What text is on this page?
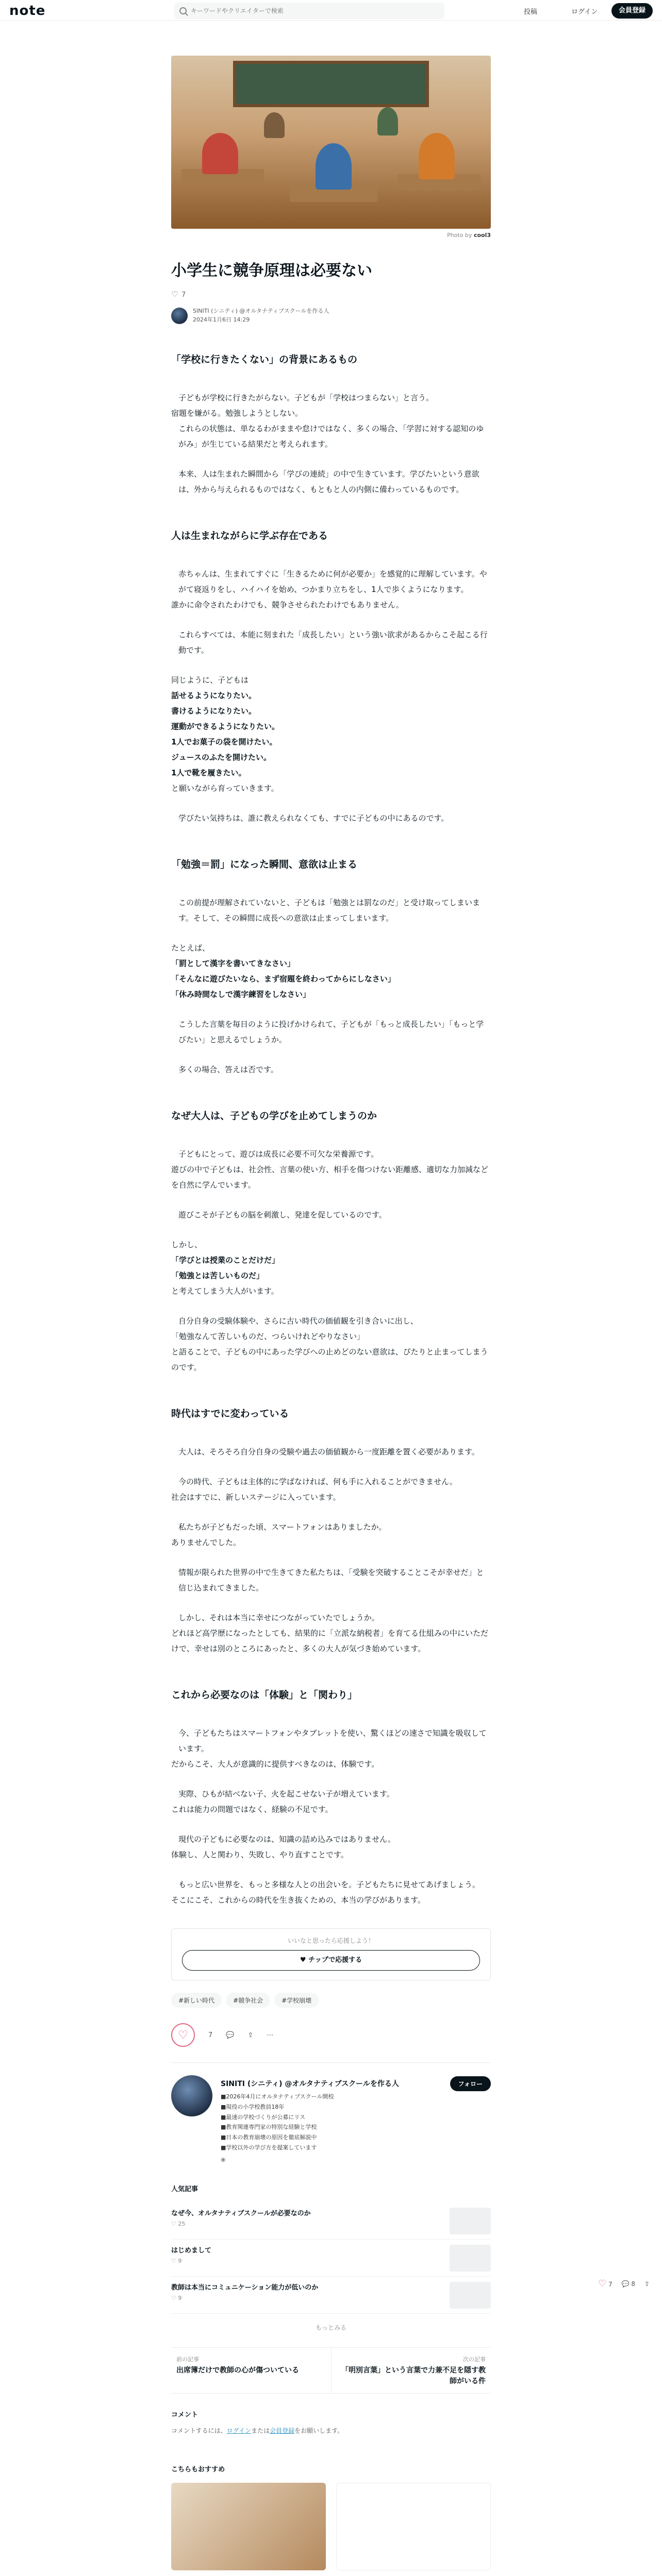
note
キーワードやクリエイターで検索	投稿	ログイン	会員登録
Photo by cool3
小学生に競争原理は必要ない
♡
7
SINITI (シニティ) @オルタナティブスクールを作る人
2024年1月6日 14:29
「学校に行きたくない」の背景にあるもの

子どもが学校に行きたがらない。子どもが「学校はつまらない」と言う。

宿題を嫌がる。勉強しようとしない。

これらの状態は、単なるわがままや怠けではなく、多くの場合、「学習に対する認知のゆがみ」が生じている結果だと考えられます。

本来、人は生まれた瞬間から「学びの連続」の中で生きています。学びたいという意欲は、外から与えられるものではなく、もともと人の内側に備わっているものです。

人は生まれながらに学ぶ存在である

赤ちゃんは、生まれてすぐに「生きるために何が必要か」を感覚的に理解しています。やがて寝返りをし、ハイハイを始め、つかまり立ちをし、1人で歩くようになります。

誰かに命令されたわけでも、競争させられたわけでもありません。

これらすべては、本能に刻まれた「成長したい」という強い欲求があるからこそ起こる行動です。

同じように、子どもは

話せるようになりたい。

書けるようになりたい。

運動ができるようになりたい。

1人でお菓子の袋を開けたい。

ジュースのふたを開けたい。

1人で靴を履きたい。

と願いながら育っていきます。

学びたい気持ちは、誰に教えられなくても、すでに子どもの中にあるのです。

「勉強＝罰」になった瞬間、意欲は止まる

この前提が理解されていないと、子どもは「勉強とは罰なのだ」と受け取ってしまいます。そして、その瞬間に成長への意欲は止まってしまいます。

たとえば、

「罰として漢字を書いてきなさい」

「そんなに遊びたいなら、まず宿題を終わってからにしなさい」

「休み時間なしで漢字練習をしなさい」

こうした言葉を毎日のように投げかけられて、子どもが「もっと成長したい」「もっと学びたい」と思えるでしょうか。

多くの場合、答えは否です。

なぜ大人は、子どもの学びを止めてしまうのか

子どもにとって、遊びは成長に必要不可欠な栄養源です。

遊びの中で子どもは、社会性、言葉の使い方、相手を傷つけない距離感、適切な力加減などを自然に学んでいます。

遊びこそが子どもの脳を刺激し、発達を促しているのです。

しかし、

「学びとは授業のことだけだ」

「勉強とは苦しいものだ」

と考えてしまう大人がいます。

自分自身の受験体験や、さらに古い時代の価値観を引き合いに出し、

「勉強なんて苦しいものだ、つらいけれどやりなさい」

と語ることで、子どもの中にあった学びへの止めどのない意欲は、ぴたりと止まってしまうのです。

時代はすでに変わっている

大人は、そろそろ自分自身の受験や過去の価値観から一度距離を置く必要があります。

今の時代、子どもは主体的に学ばなければ、何も手に入れることができません。

社会はすでに、新しいステージに入っています。

私たちが子どもだった頃、スマートフォンはありましたか。

ありませんでした。

情報が限られた世界の中で生きてきた私たちは、「受験を突破することこそが幸せだ」と信じ込まれてきました。

しかし、それは本当に幸せにつながっていたでしょうか。

どれほど高学歴になったとしても、結果的に「立派な納税者」を育てる仕組みの中にいただけで、幸せは別のところにあったと、多くの大人が気づき始めています。

これから必要なのは「体験」と「関わり」

今、子どもたちはスマートフォンやタブレットを使い、驚くほどの速さで知識を吸収しています。

だからこそ、大人が意識的に提供すべきなのは、体験です。

実際、ひもが結べない子、火を起こせない子が増えています。

これは能力の問題ではなく、経験の不足です。

現代の子どもに必要なのは、知識の詰め込みではありません。

体験し、人と関わり、失敗し、やり直すことです。

もっと広い世界を、もっと多様な人との出会いを。子どもたちに見せてあげましょう。

そこにこそ、これからの時代を生き抜くための、本当の学びがあります。

いいなと思ったら応援しよう！
♥ チップで応援する
#新しい時代	#競争社会	#学校崩壊
♡	7 💬 ⇪ ⋯
SINITI (シニティ) @オルタナティブスクールを作る人
■2026年4月にオルタナティブスクール開校
■現役の小学校教員18年
■最速の学校づくりが公募にリス
■教育関連専門家の特別な経験と学校
■日本の教育崩壊の原因を徹底解説中
■学校以外の学び方を提案しています
◉
フォロー
人気記事
なぜ今、オルタナティブスクールが必要なのか
♡ 25
はじめまして
♡ 9
教師は本当にコミュニケーション能力が低いのか
♡ 9
もっとみる
前の記事
出席簿だけで教師の心が傷ついている
次の記事
「明別言葉」という言葉で力兼不足を隠す教師がいる件
コメント
コメントするには、ログインまたは会員登録をお願いします。
こちらもおすすめ
♡ 7 💬 8 ⇪
